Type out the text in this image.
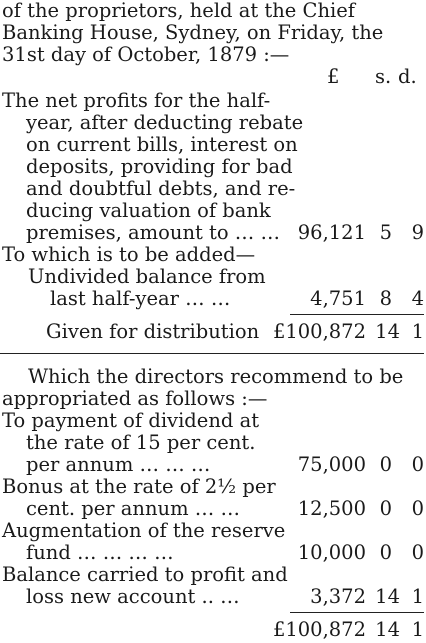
of the proprietors, held at the Chief
Banking House, Sydney, on Friday, the
31st day of October, 1879 :—
£ s. d.
The net profits for the half-
year, after deducting rebate
on current bills, interest on
deposits, providing for bad
and doubtful debts, and re-
ducing valuation of bank
premises, amount to … … 96,121 5	9
To which is to be added—
Undivided balance from
last half-year … …	4,751 8	4
Given for distribution £100,872 14 1
Which the directors recommend to be
appropriated as follows :—
To payment of dividend at
the rate of 15 per cent.
per annum … … …	75,000 0	0
Bonus at the rate of 2½ per
cent. per annum … …	12,500 0	0
Augmentation of the reserve
fund … … … …	10,000 0	0
Balance carried to profit and
loss new account .. …	3,372 14 1
£100,872 14 1
